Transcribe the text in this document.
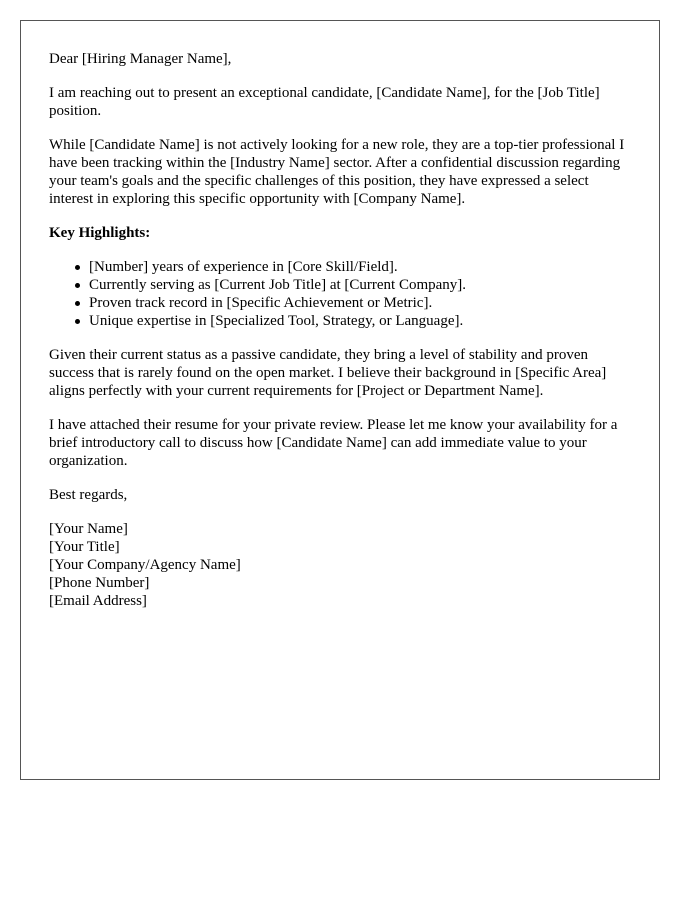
Dear [Hiring Manager Name],

I am reaching out to present an exceptional candidate, [Candidate Name], for the [Job Title] position.

While [Candidate Name] is not actively looking for a new role, they are a top-tier professional I have been tracking within the [Industry Name] sector. After a confidential discussion regarding your team's goals and the specific challenges of this position, they have expressed a select interest in exploring this specific opportunity with [Company Name].

Key Highlights:

[Number] years of experience in [Core Skill/Field].
Currently serving as [Current Job Title] at [Current Company].
Proven track record in [Specific Achievement or Metric].
Unique expertise in [Specialized Tool, Strategy, or Language].

Given their current status as a passive candidate, they bring a level of stability and proven success that is rarely found on the open market. I believe their background in [Specific Area] aligns perfectly with your current requirements for [Project or Department Name].

I have attached their resume for your private review. Please let me know your availability for a brief introductory call to discuss how [Candidate Name] can add immediate value to your organization.

Best regards,

[Your Name]
[Your Title]
[Your Company/Agency Name]
[Phone Number]
[Email Address]
